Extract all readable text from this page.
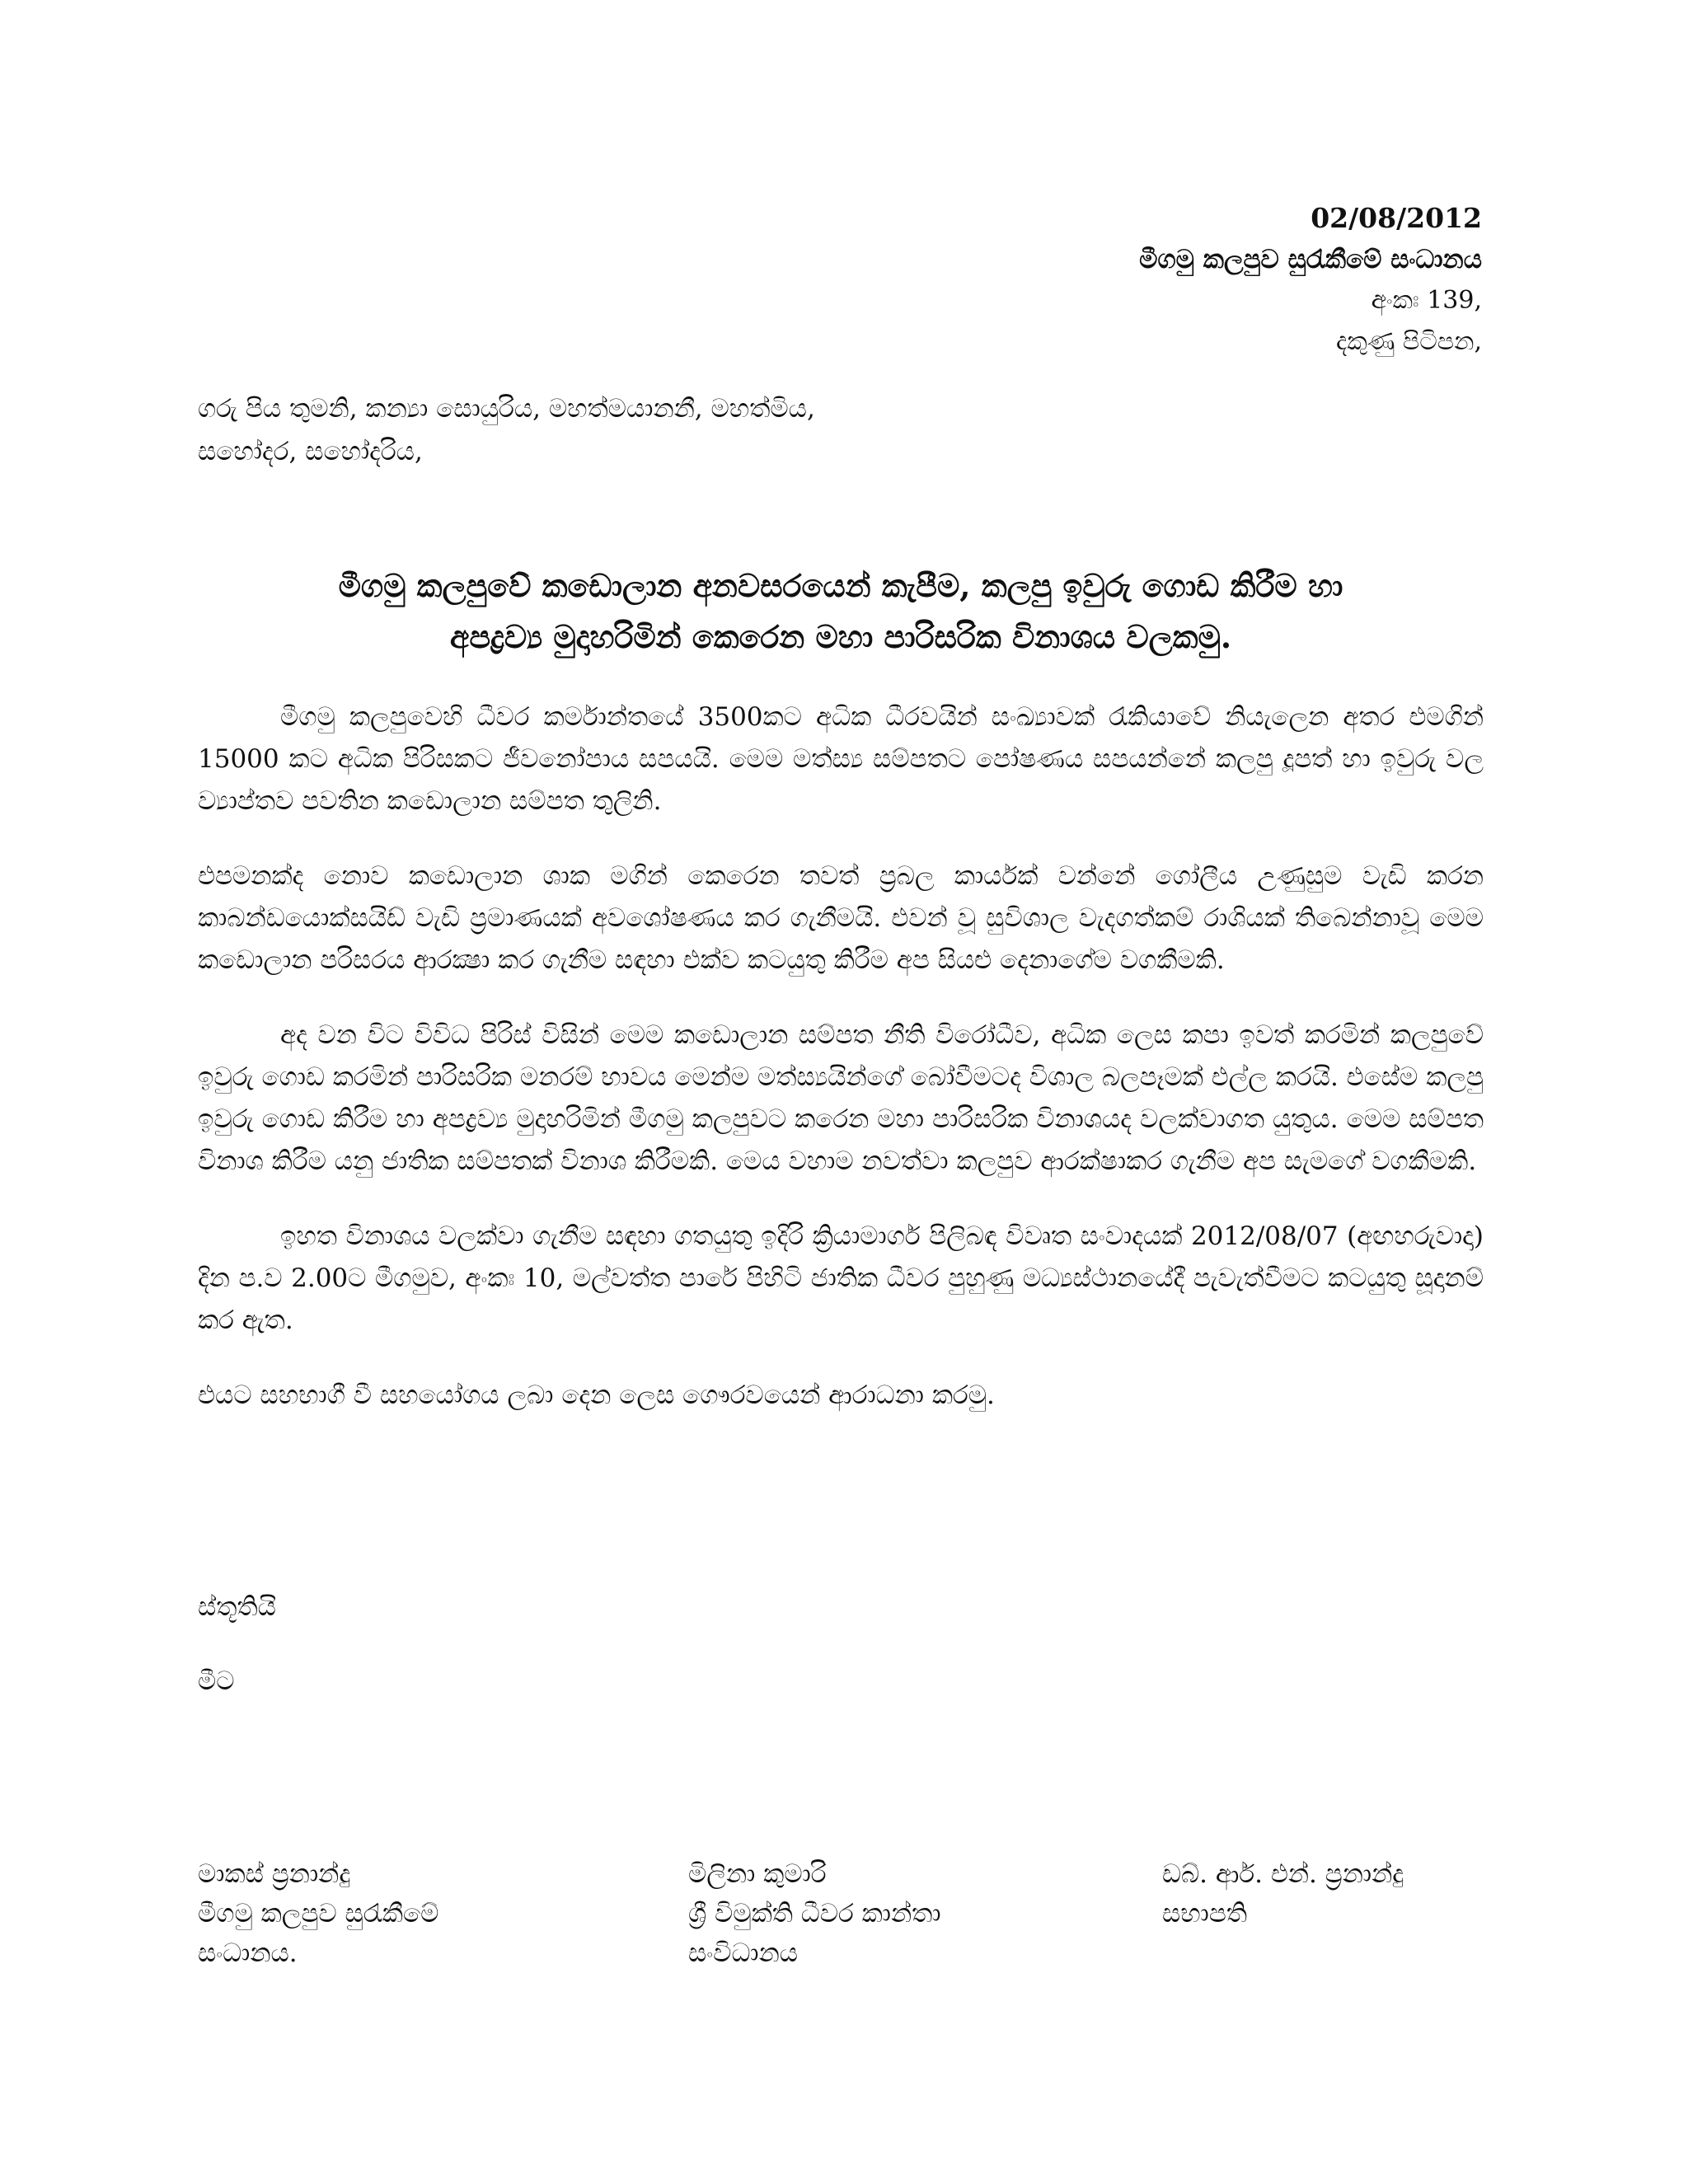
02/08/2012
මීගමු කලපුව සුරැකීමේ සංධානය
අංකඃ 139,
දකුණු පිටිපන,
ගරු පිය තුමනි, කන්‍යා සොයුරිය, මහත්මයානනී, මහත්මිය,
සහෝදර, සහෝදරිය,
මීගමු කලපුවේ කඩොලාන අනවසරයෙන් කැපීම, කලපු ඉවුරු ගොඩ කිරීම හා
අපද්‍රව්‍ය මුදාහරිමින් කෙරෙන මහා පාරිසරික විනාශය වලකමු.

මීගමු කලපුවෙහි ධීවර කර්මාන්තයේ 3500කට අධික ධීරවයින් සංඛ්‍යාවක් රැකියාවේ නියැලෙන අතර එමගින් 15000 කට අධික පිරිසකට ජීවනෝපාය සපයයි. මෙම මත්ස්‍ය සම්පතට පෝෂණය සපයන්නේ කලපු දූපත් හා ඉවුරු වල ව්‍යාප්තව පවතින කඩොලාන සම්පත තුලිනි.

එපමනක්ද නොව කඩොලාන ශාක මගින් කෙරෙන තවත් ප්‍රබල කාර්යක් වන්නේ ගෝලීය උණුසුම වැඩි කරන කාබන්ඩයොක්සයිඩ් වැඩි ප්‍රමාණයක් අවශෝෂණය කර ගැනීමයි. එවන් වූ සුවිශාල වැදගත්කම් රාශියක් තිබෙන්නාවූ මෙම කඩොලාන පරිසරය ආරක්‍ෂා කර ගැනීම සඳහා එක්ව කටයුතු කිරීම අප සියළු දෙනාගේම වගකීමකි.

අද වන විට විවිධ පිරිස් විසින් මෙම කඩොලාන සම්පත නීති විරෝධීව, අධික ලෙස කපා ඉවත් කරමින් කලපුවේ ඉවුරු ගොඩ කරමින් පාරිසරික මනරම් භාවය මෙන්ම මත්ස්‍යයින්ගේ බෝවීමටද විශාල බලපෑමක් එල්ල කරයි. එසේම කලපු ඉවුරු ගොඩ කිරීම හා අපද්‍රව්‍ය මුදාහරිමින් මීගමු කලපුවට කරෙන මහා පාරිසරික විනාශයද වලක්වාගත යුතුය. මෙම සම්පත විනාශ කිරීම යනු ජාතික සම්පතක් විනාශ කිරීමකි. මෙය වහාම නවත්වා කලපුව ආරක්ෂාකර ගැනීම අප සැමගේ වගකීමකි.

ඉහත විනාශය වලක්වා ගැනීම සඳහා ගතයුතු ඉදිරි ක්‍රියාමාර්ග පිලිබඳ විවෘත සංවාදයක් 2012/08/07 (අඟහරුවාදා) දින ප.ව 2.00ට මීගමුව, අංකඃ 10, මල්වත්ත පාරේ පිහිටි ජාතික ධීවර පුහුණු මධ්‍යස්ථානයේදී පැවැත්වීමට කටයුතු සූදානම් කර ඇත.

එයට සහභාගී වී සහයෝගය ලබා දෙන ලෙස ගෞරවයෙන් ආරාධනා කරමු.

ස්තූතියි
මීට
මාකස් ප්‍රනාන්දු
මීගමු කලපුව සුරැකීමේ
සංධානය.
මිලිනා කුමාරි
ශ්‍රී විමුක්ති ධීවර කාන්තා
සංවිධානය
ඩබ්. ආර්. එන්. ප්‍රනාන්දු
සභාපති
